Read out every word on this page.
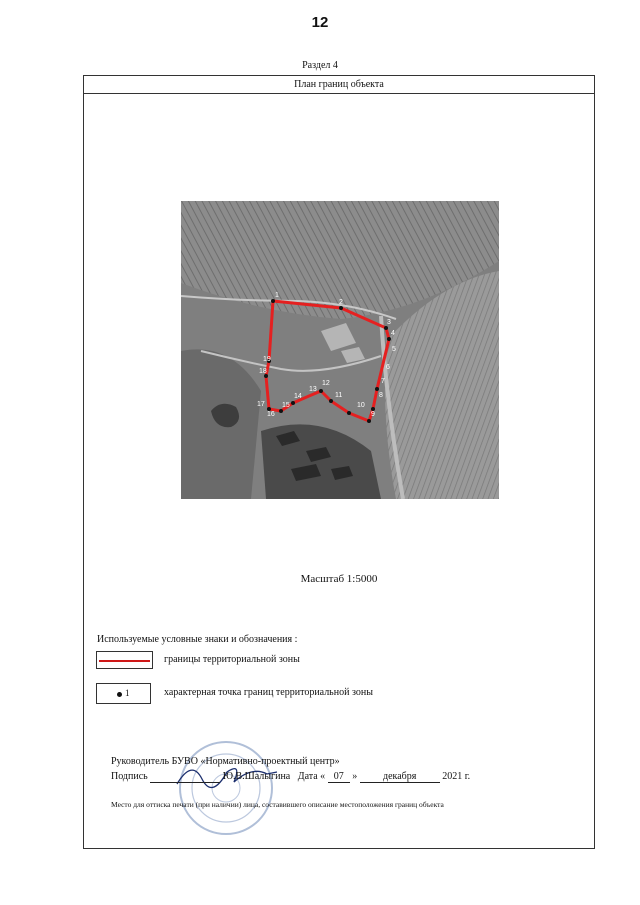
12
Раздел 4
План границ объекта
1
2
3
4
5
6
7
8
9
10
11
12
13
14
15
16
17
18
19
Масштаб 1:5000
Используемые условные знаки и обозначения :
границы территориальной зоны
1	характерная точка границ территориальной зоны
Руководитель БУВО «Нормативно-проектный центр»
Подпись	Ю.В.Шалыгина Дата « 07 »	декабря	2021 г.
Место для оттиска печати (при наличии) лица, составившего описание местоположения границ объекта
